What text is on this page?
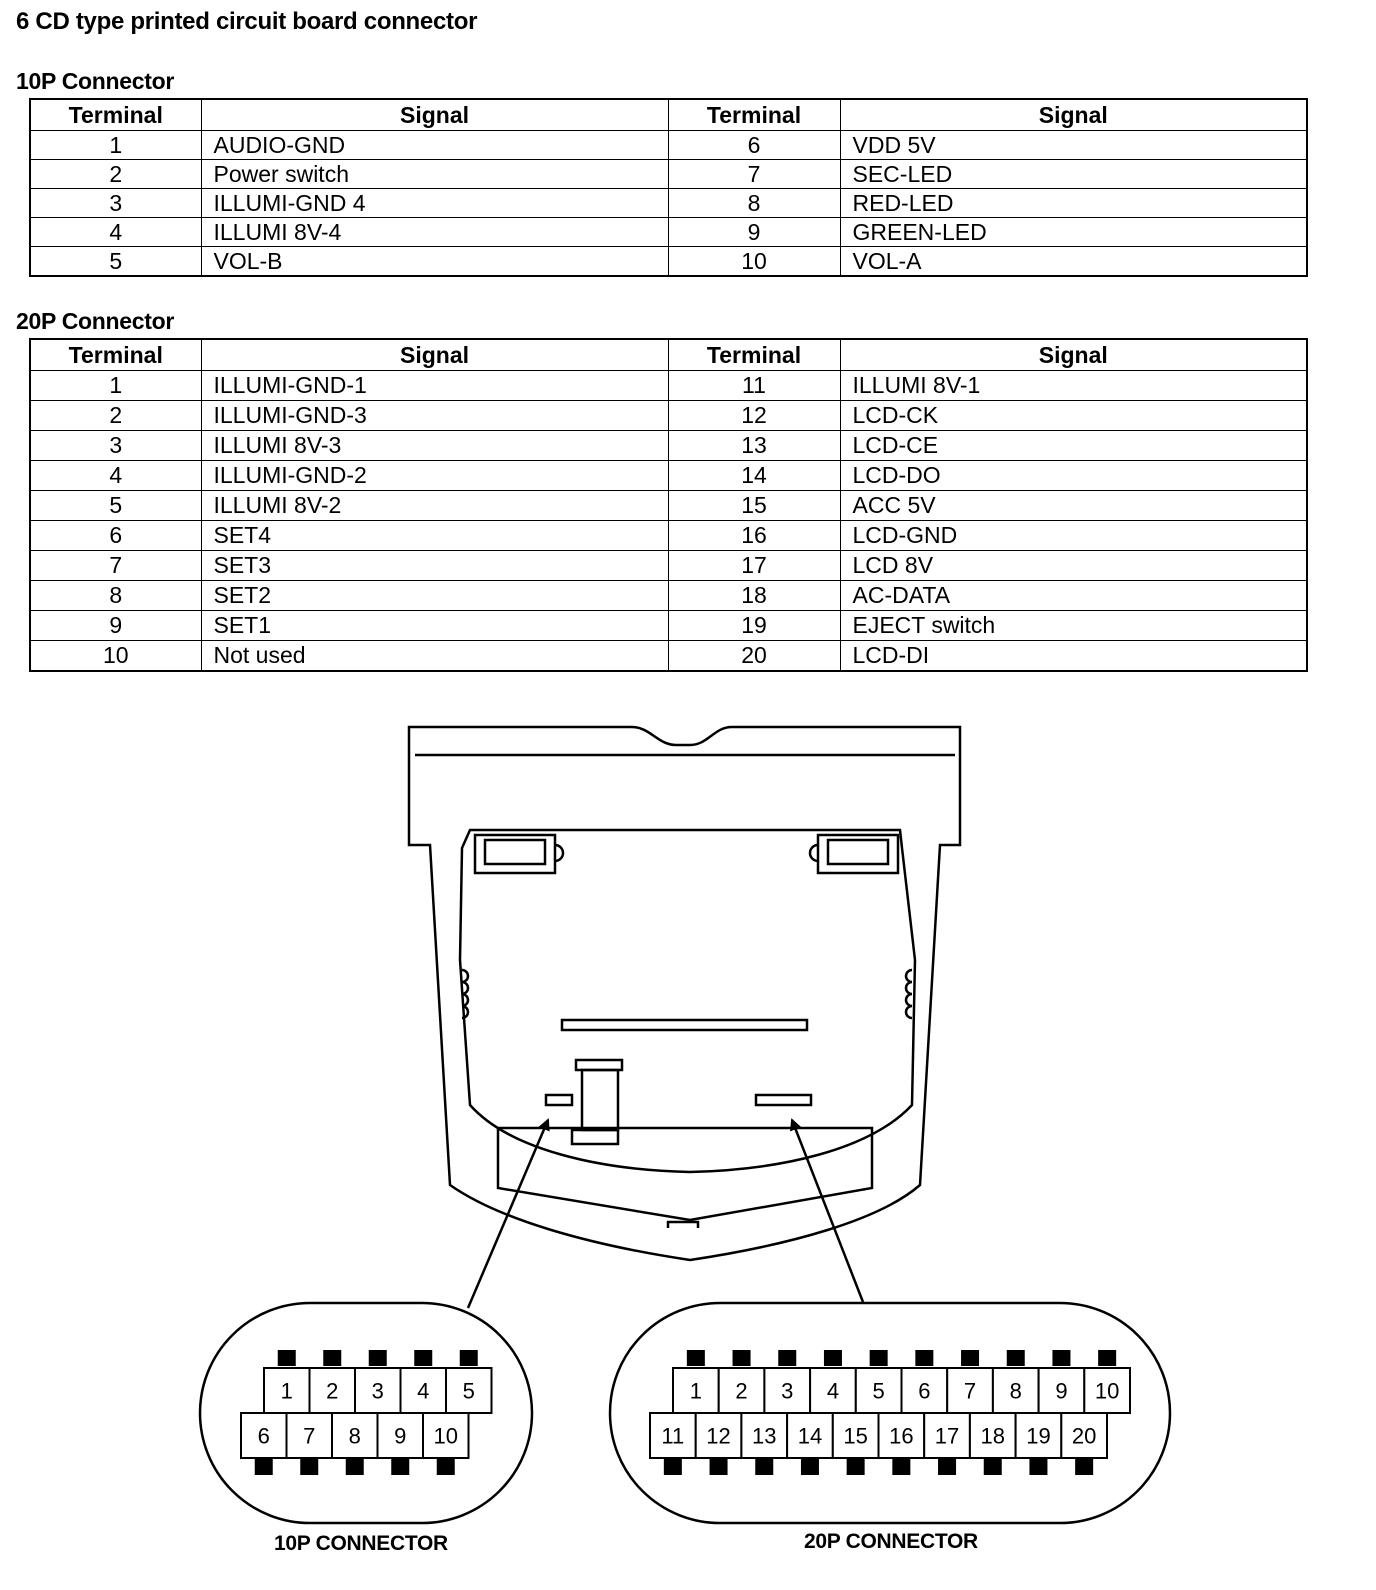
6 CD type printed circuit board connector
10P Connector
Terminal	Signal	Terminal	Signal
1	AUDIO-GND	6	VDD 5V
2	Power switch	7	SEC-LED
3	ILLUMI-GND 4	8	RED-LED
4	ILLUMI 8V-4	9	GREEN-LED
5	VOL-B	10	VOL-A
20P Connector
Terminal	Signal	Terminal	Signal
1	ILLUMI-GND-1	11	ILLUMI 8V-1
2	ILLUMI-GND-3	12	LCD-CK
3	ILLUMI 8V-3	13	LCD-CE
4	ILLUMI-GND-2	14	LCD-DO
5	ILLUMI 8V-2	15	ACC 5V
6	SET4	16	LCD-GND
7	SET3	17	LCD 8V
8	SET2	18	AC-DATA
9	SET1	19	EJECT switch
10	Not used	20	LCD-DI
1 2 3 4 5
6 7 8 9 10
1 2 3 4 5 6 7 8 9 10
11 12 13 14 15 16 17 18 19 20
10P CONNECTOR	20P CONNECTOR
